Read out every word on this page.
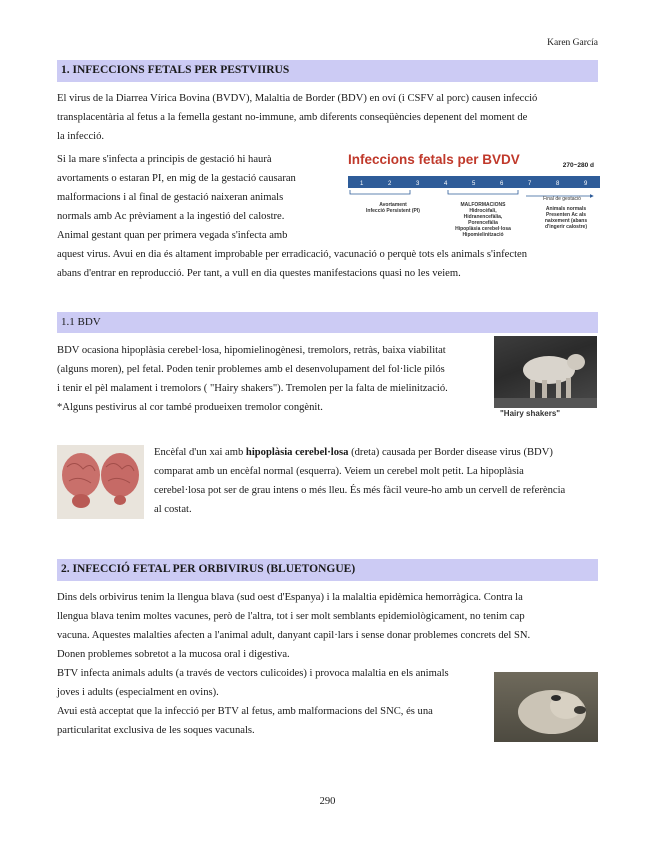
Karen García
1. INFECCIONS FETALS PER PESTVIIRUS

El virus de la Diarrea Vírica Bovina (BVDV), Malaltia de Border (BDV) en oví (i CSFV al porc) causen infecció

transplacentària al fetus a la femella gestant no-immune, amb diferents conseqüències depenent del moment de

la infecció.

Si la mare s'infecta a principis de gestació hi haurà

avortaments o estaran PI, en mig de la gestació causaran

malformacions i al final de gestació naixeran animals

normals amb Ac prèviament a la ingestió del calostre.

Animal gestant quan per primera vegada s'infecta amb

Infeccions fetals per BVDV	270~280 d
1	2	3	4	5	6	7	8	9
Avortament
Infecció Persistent (PI)
MALFORMACIONS
Hidrocèfali,
Hidranencefàlia,
Porencefàlia
Hipoplàsia cerebel·losa
Hipomielinització
Final de gestació
Animals normals
Presenten Ac als
naixement (abans
d'ingerir calostre)

aquest virus. Avui en dia és altament improbable per erradicació, vacunació o perquè tots els animals s'infecten

abans d'entrar en reproducció. Per tant, a vull en dia questes manifestacions quasi no les veiem.

1.1 BDV

BDV ocasiona hipoplàsia cerebel·losa, hipomielinogènesi, tremolors, retràs, baixa viabilitat

(alguns moren), pel fetal. Poden tenir problemes amb el desenvolupament del fol·licle pilós

i tenir el pèl malament i tremolors ( "Hairy shakers"). Tremolen per la falta de mielinització.

*Alguns pestivirus al cor també produeixen tremolor congènit.

"Hairy shakers"

Encèfal d'un xai amb hipoplàsia cerebel·losa (dreta) causada per Border disease virus (BDV)

comparat amb un encèfal normal (esquerra). Veiem un cerebel molt petit. La hipoplàsia

cerebel·losa pot ser de grau intens o més lleu. És més fàcil veure-ho amb un cervell de referència

al costat.

2. INFECCIÓ FETAL PER ORBIVIRUS (BLUETONGUE)

Dins dels orbivirus tenim la llengua blava (sud oest d'Espanya) i la malaltia epidèmica hemorràgica. Contra la

llengua blava tenim moltes vacunes, però de l'altra, tot i ser molt semblants epidemiològicament, no tenim cap

vacuna. Aquestes malalties afecten a l'animal adult, danyant capil·lars i sense donar problemes concrets del SN.

Donen problemes sobretot a la mucosa oral i digestiva.

BTV infecta animals adults (a través de vectors culicoides) i provoca malaltia en els animals

joves i adults (especialment en ovins).

Avui està acceptat que la infecció per BTV al fetus, amb malformacions del SNC, és una

particularitat exclusiva de les soques vacunals.

290
